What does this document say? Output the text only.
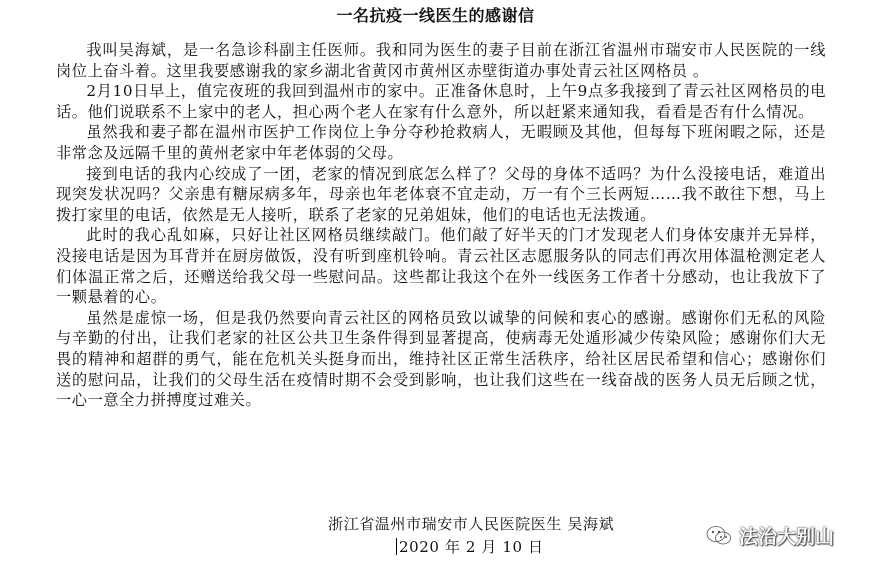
一名抗疫一线医生的感谢信

我叫吴海斌，是一名急诊科副主任医师。我和同为医生的妻子目前在浙江省温州市瑞安市人民医院的一线岗位上奋斗着。这里我要感谢我的家乡湖北省黄冈市黄州区赤壁街道办事处青云社区网格员 。

2月10日早上，值完夜班的我回到温州市的家中。正准备休息时，上午9点多我接到了青云社区网格员的电话。他们说联系不上家中的老人，担心两个老人在家有什么意外，所以赶紧来通知我，看看是否有什么情况。

虽然我和妻子都在温州市医护工作岗位上争分夺秒抢救病人，无暇顾及其他，但每每下班闲暇之际，还是非常念及远隔千里的黄州老家中年老体弱的父母。

接到电话的我内心绞成了一团，老家的情况到底怎么样了？父母的身体不适吗？为什么没接电话，难道出现突发状况吗？父亲患有糖尿病多年，母亲也年老体衰不宜走动，万一有个三长两短……我不敢往下想，马上拨打家里的电话，依然是无人接听，联系了老家的兄弟姐妹，他们的电话也无法拨通。

此时的我心乱如麻，只好让社区网格员继续敲门。他们敲了好半天的门才发现老人们身体安康并无异样，没接电话是因为耳背并在厨房做饭，没有听到座机铃响。青云社区志愿服务队的同志们再次用体温枪测定老人们体温正常之后，还赠送给我父母一些慰问品。这些都让我这个在外一线医务工作者十分感动，也让我放下了一颗悬着的心。

虽然是虚惊一场，但是我仍然要向青云社区的网格员致以诚挚的问候和衷心的感谢。感谢你们无私的风险与辛勤的付出，让我们老家的社区公共卫生条件得到显著提高，使病毒无处遁形减少传染风险；感谢你们大无畏的精神和超群的勇气，能在危机关头挺身而出，维持社区正常生活秩序，给社区居民希望和信心；感谢你们送的慰问品，让我们的父母生活在疫情时期不会受到影响，也让我们这些在一线奋战的医务人员无后顾之忧，一心一意全力拼搏度过难关。

浙江省温州市瑞安市人民医院医生 吴海斌
2020 年 2 月 10 日	法治大别山
